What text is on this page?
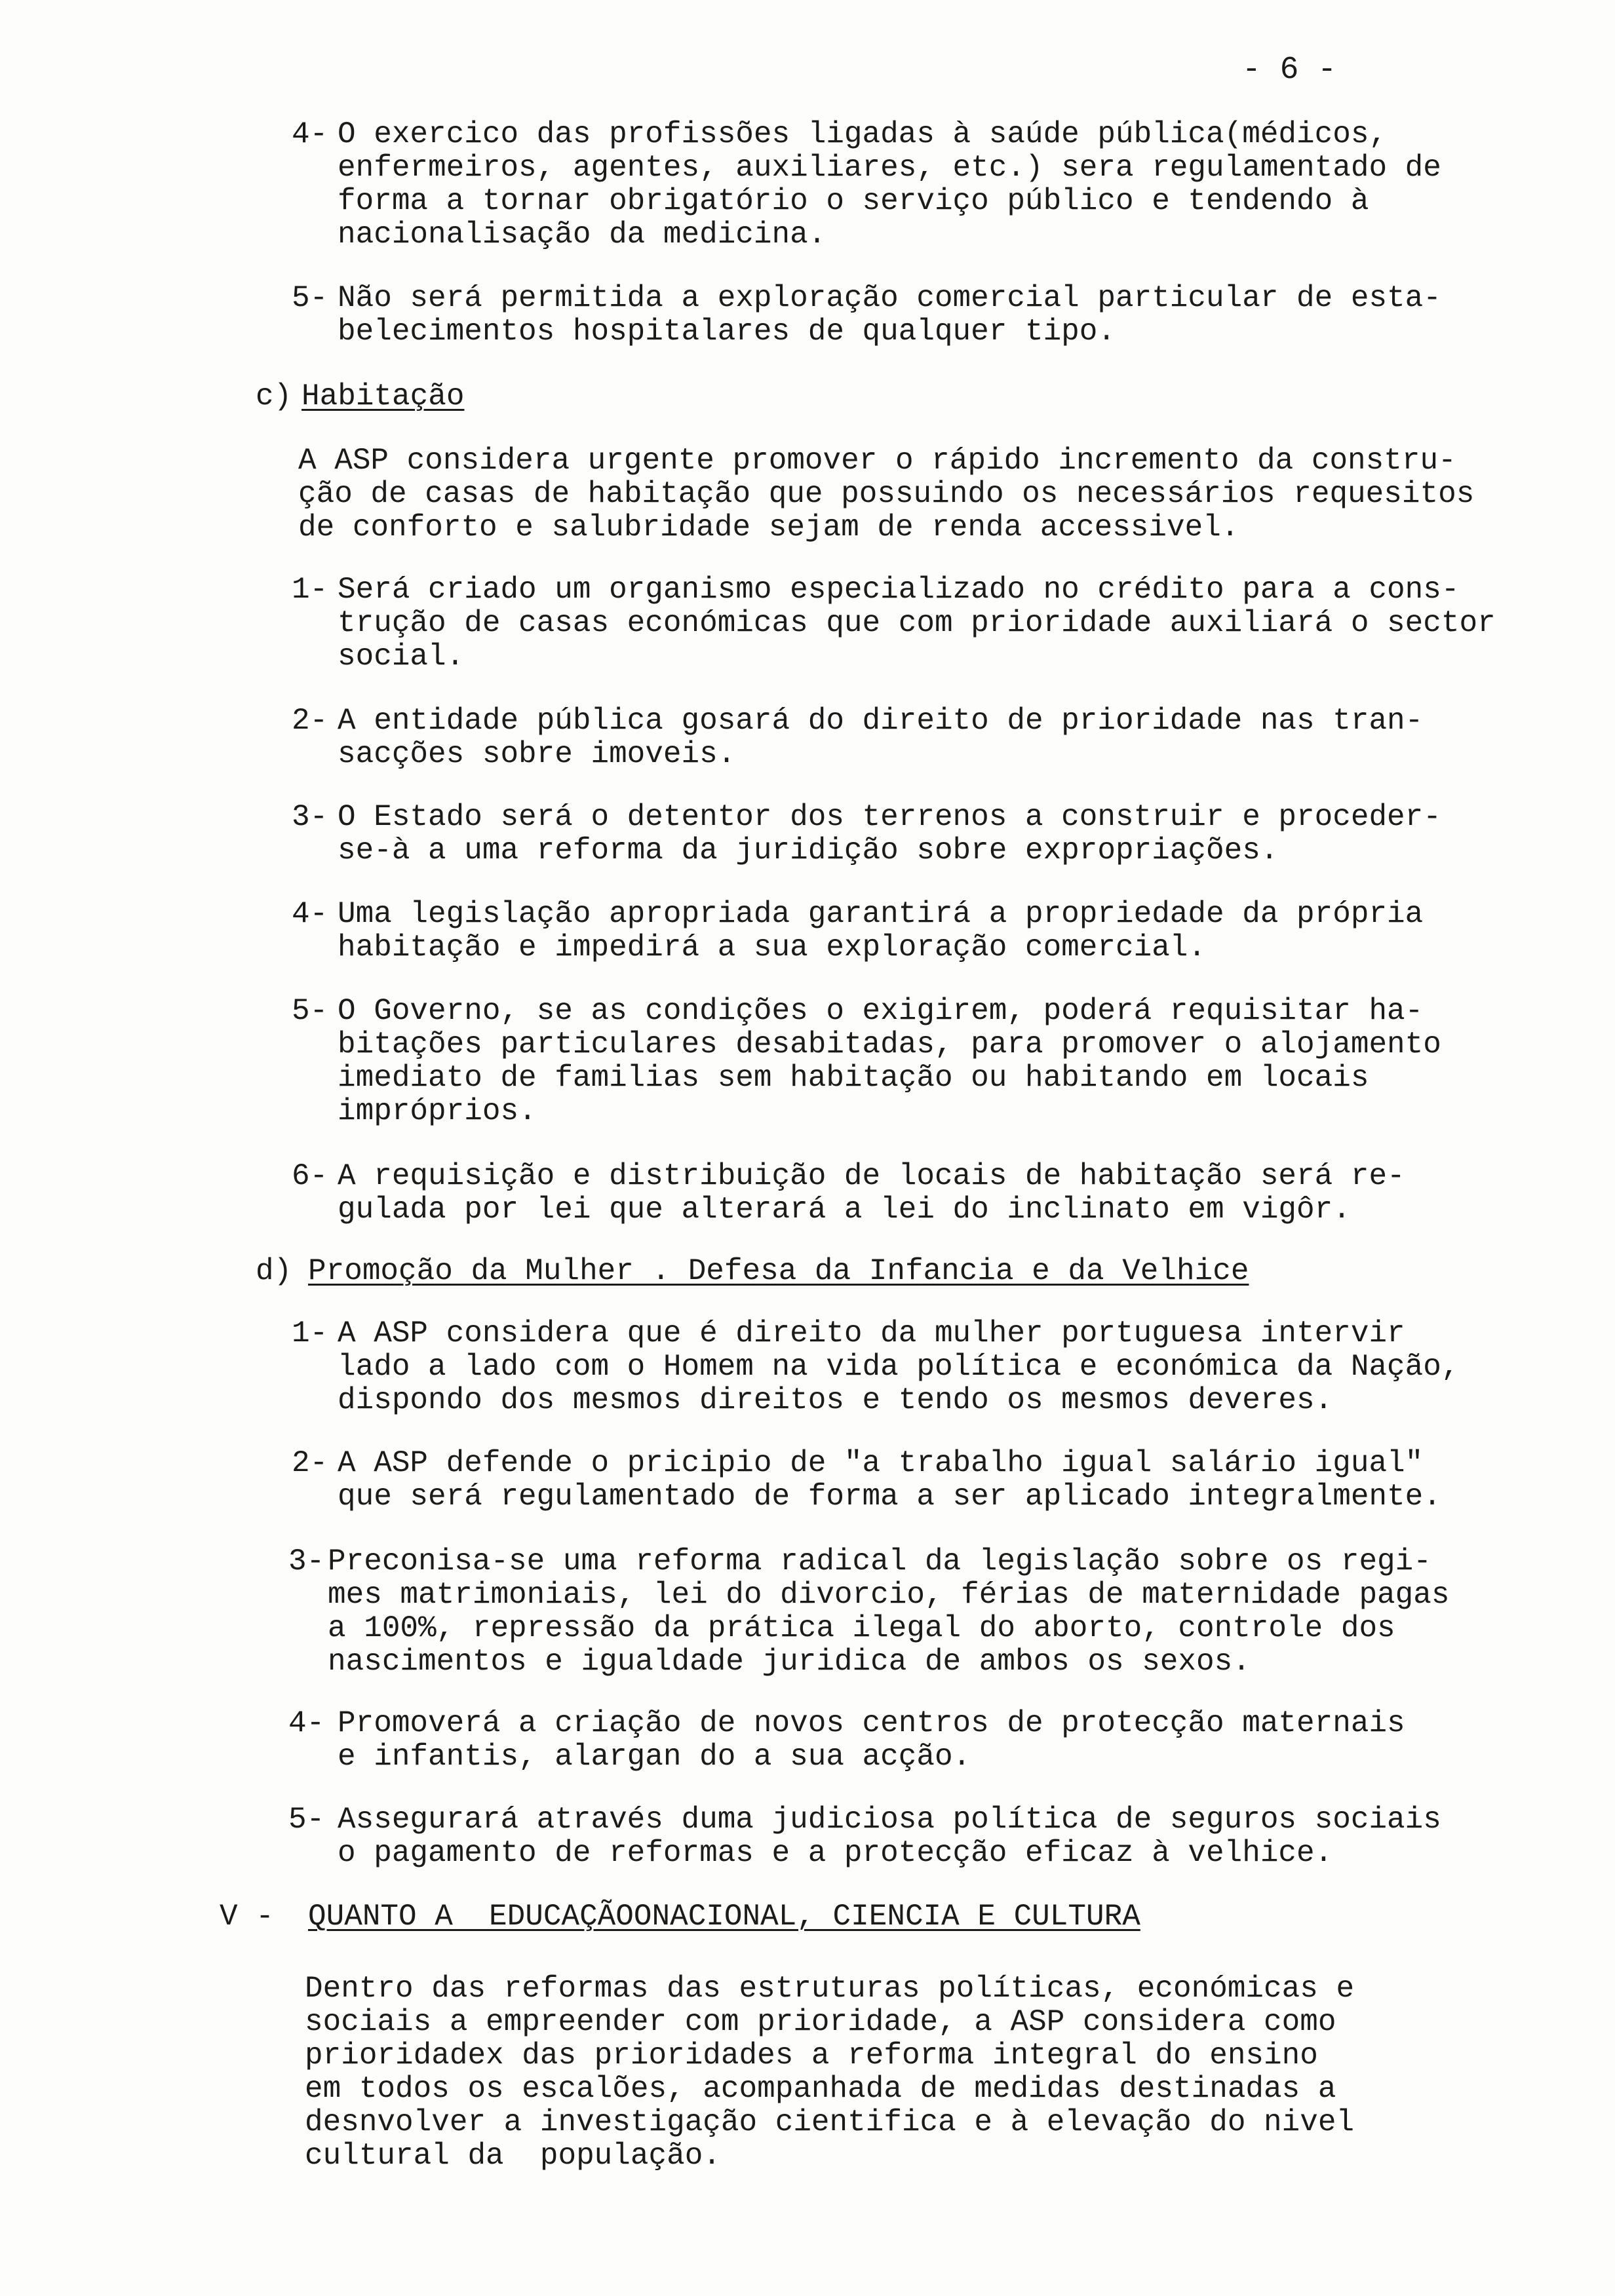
- 6 -
4- O exercico das profissões ligadas à saúde pública(médicos,
enfermeiros, agentes, auxiliares, etc.) sera regulamentado de
forma a tornar obrigatório o serviço público e tendendo à
nacionalisação da medicina.
5- Não será permitida a exploração comercial particular de esta-
belecimentos hospitalares de qualquer tipo.
c) Habitação
A ASP considera urgente promover o rápido incremento da constru-
ção de casas de habitação que possuindo os necessários requesitos
de conforto e salubridade sejam de renda accessivel.
1- Será criado um organismo especializado no crédito para a cons-
trução de casas económicas que com prioridade auxiliará o sector
social.
2- A entidade pública gosará do direito de prioridade nas tran-
sacções sobre imoveis.
3- O Estado será o detentor dos terrenos a construir e proceder-
se-à a uma reforma da juridição sobre expropriações.
4- Uma legislação apropriada garantirá a propriedade da própria
habitação e impedirá a sua exploração comercial.
5- O Governo, se as condições o exigirem, poderá requisitar ha-
bitações particulares desabitadas, para promover o alojamento
imediato de familias sem habitação ou habitando em locais
impróprios.
6- A requisição e distribuição de locais de habitação será re-
gulada por lei que alterará a lei do inclinato em vigôr.
d) Promoção da Mulher . Defesa da Infancia e da Velhice
1- A ASP considera que é direito da mulher portuguesa intervir
lado a lado com o Homem na vida política e económica da Nação,
dispondo dos mesmos direitos e tendo os mesmos deveres.
2- A ASP defende o pricipio de "a trabalho igual salário igual"
que será regulamentado de forma a ser aplicado integralmente.
3- Preconisa-se uma reforma radical da legislação sobre os regi-
mes matrimoniais, lei do divorcio, férias de maternidade pagas
a 100%, repressão da prática ilegal do aborto, controle dos
nascimentos e igualdade juridica de ambos os sexos.
4- Promoverá a criação de novos centros de protecção maternais
e infantis, alargan do a sua acção.
5- Assegurará através duma judiciosa política de seguros sociais
o pagamento de reformas e a protecção eficaz à velhice.
V - QUANTO A  EDUCAÇÃOONACIONAL, CIENCIA E CULTURA
Dentro das reformas das estruturas políticas, económicas e
sociais a empreender com prioridade, a ASP considera como
prioridadex das prioridades a reforma integral do ensino
em todos os escalões, acompanhada de medidas destinadas a
desnvolver a investigação cientifica e à elevação do nivel
cultural da  população.
